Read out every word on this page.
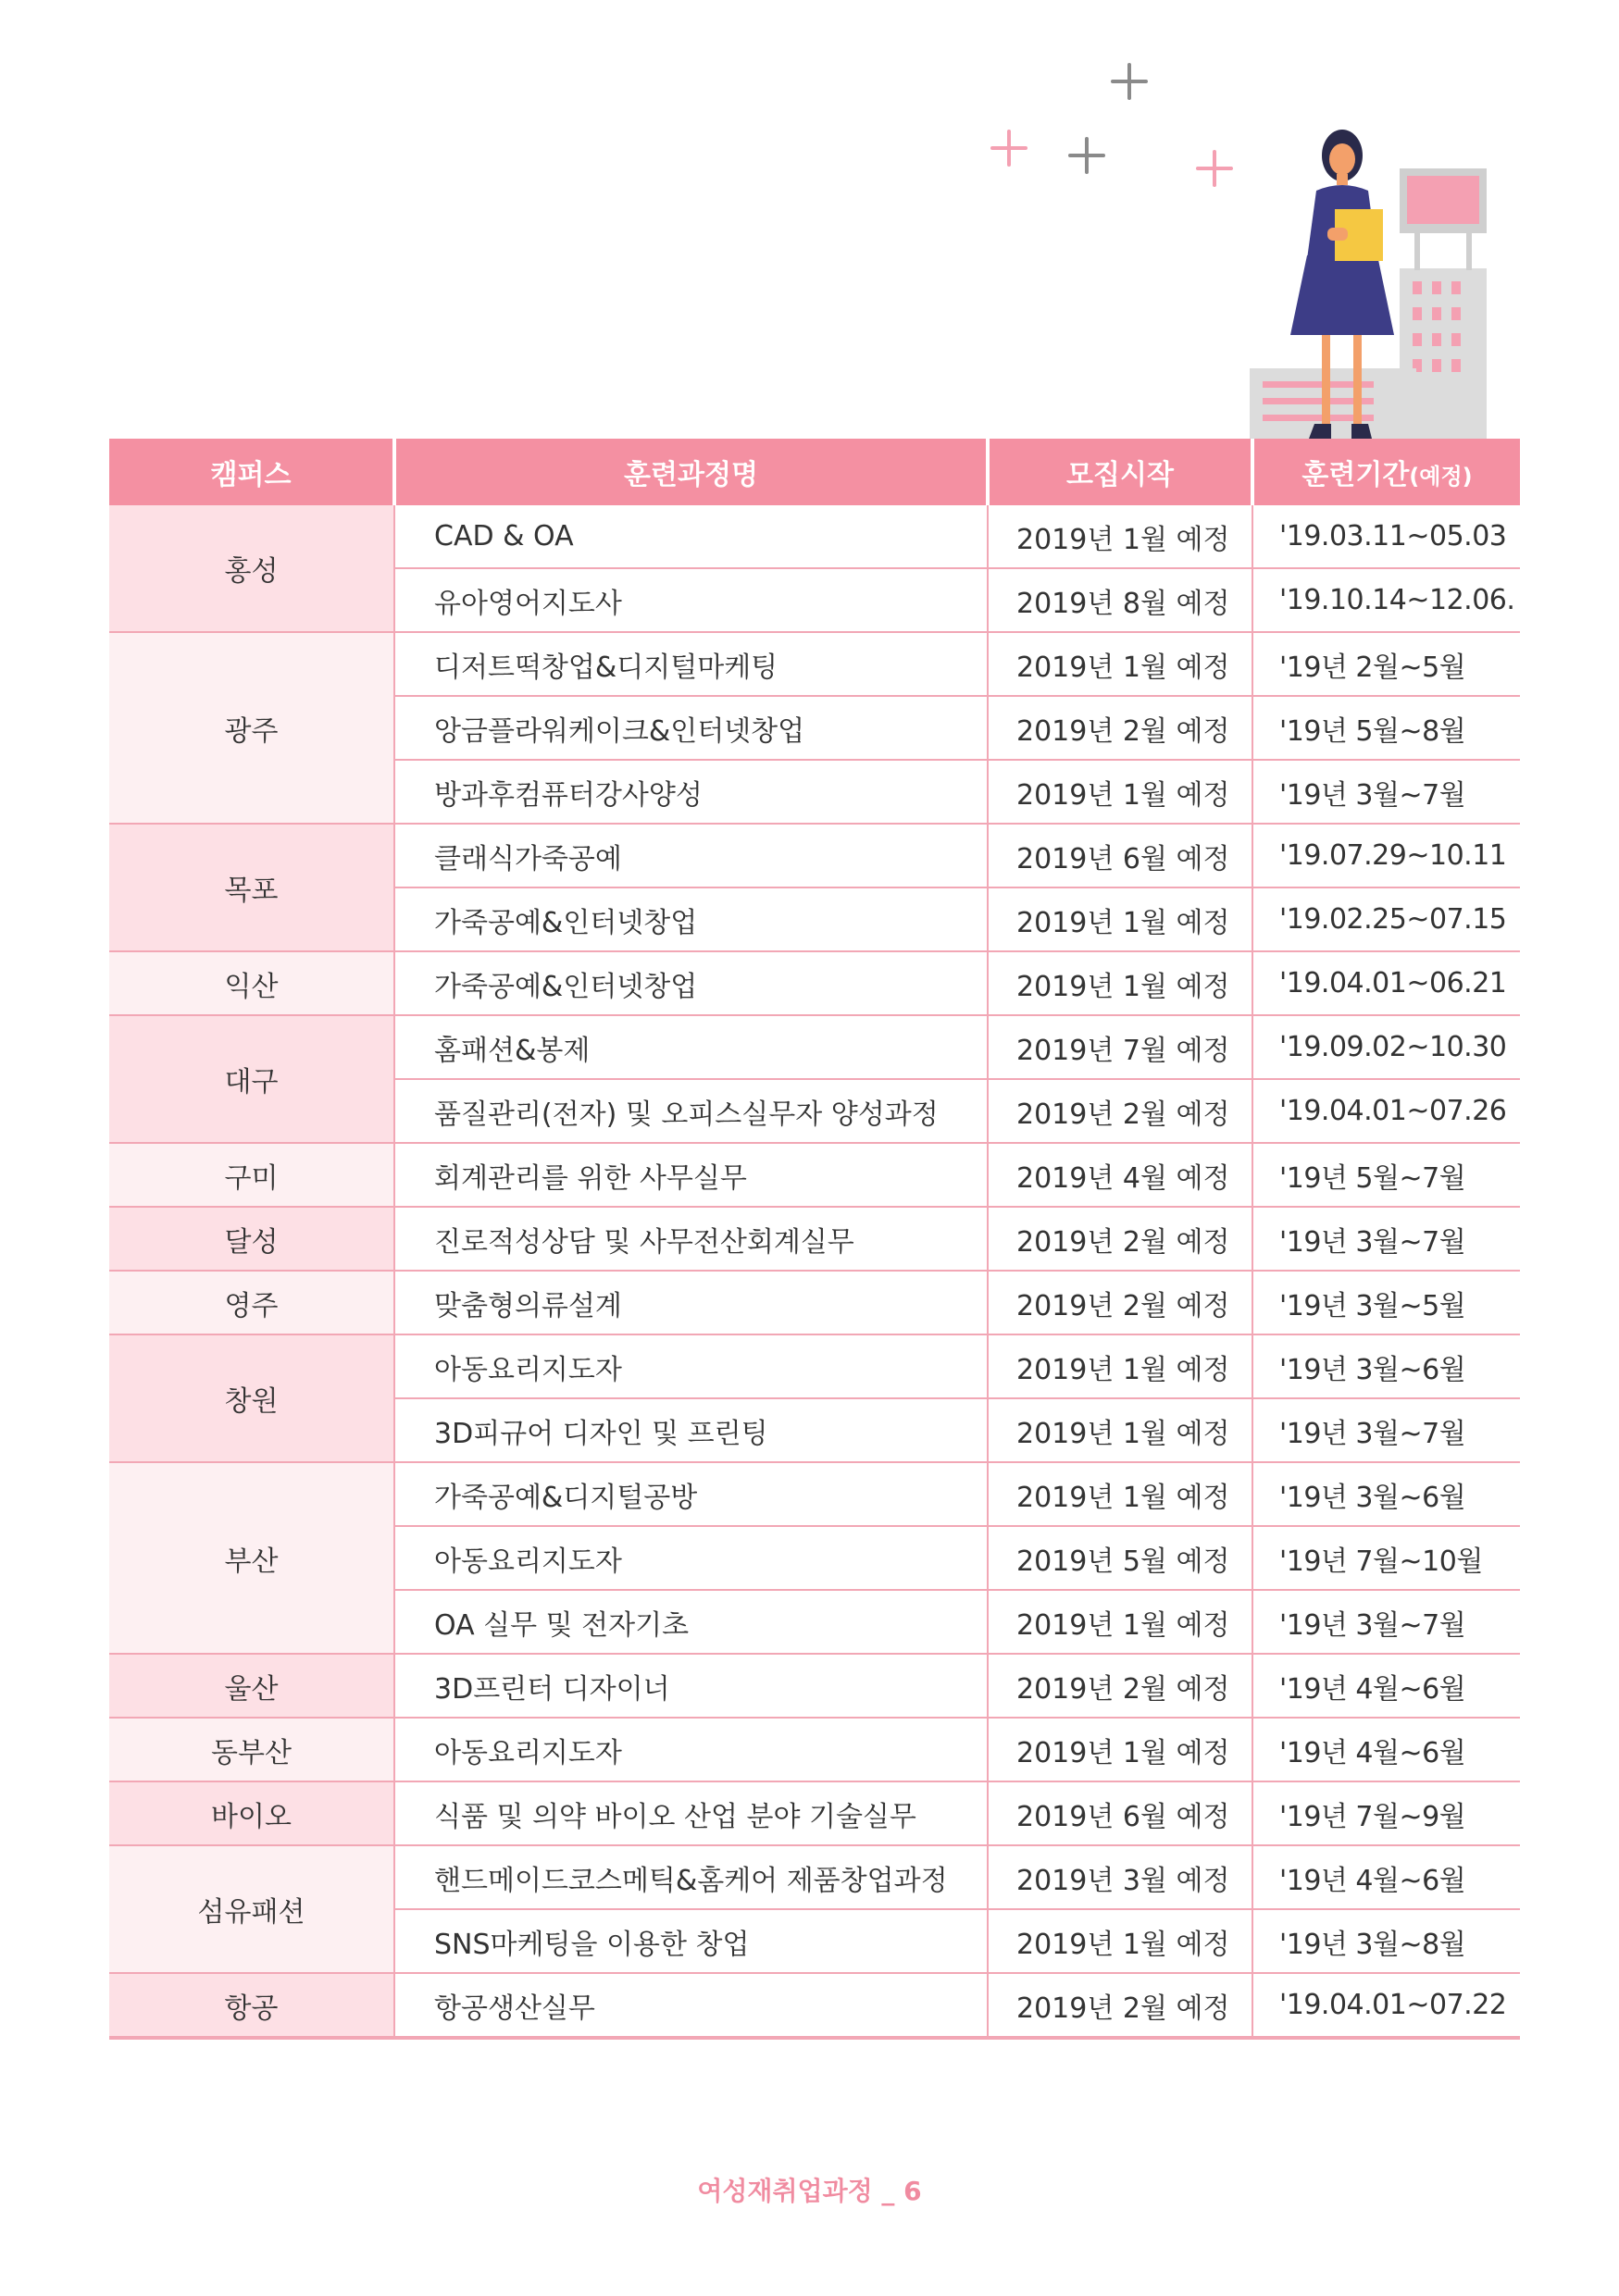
캠퍼스	훈련과정명	모집시작	훈련기간(예정)
홍성	CAD & OA	2019년 1월 예정	'19.03.11~05.03
	유아영어지도사	2019년 8월 예정	'19.10.14~12.06.
광주	디저트떡창업&디지털마케팅	2019년 1월 예정	'19년 2월~5월
	앙금플라워케이크&인터넷창업	2019년 2월 예정	'19년 5월~8월
	방과후컴퓨터강사양성	2019년 1월 예정	'19년 3월~7월
목포	클래식가죽공예	2019년 6월 예정	'19.07.29~10.11
	가죽공예&인터넷창업	2019년 1월 예정	'19.02.25~07.15
익산	가죽공예&인터넷창업	2019년 1월 예정	'19.04.01~06.21
대구	홈패션&봉제	2019년 7월 예정	'19.09.02~10.30
	품질관리(전자) 및 오피스실무자 양성과정	2019년 2월 예정	'19.04.01~07.26
구미	회계관리를 위한 사무실무	2019년 4월 예정	'19년 5월~7월
달성	진로적성상담 및 사무전산회계실무	2019년 2월 예정	'19년 3월~7월
영주	맞춤형의류설계	2019년 2월 예정	'19년 3월~5월
창원	아동요리지도자	2019년 1월 예정	'19년 3월~6월
	3D피규어 디자인 및 프린팅	2019년 1월 예정	'19년 3월~7월
부산	가죽공예&디지털공방	2019년 1월 예정	'19년 3월~6월
	아동요리지도자	2019년 5월 예정	'19년 7월~10월
	OA 실무 및 전자기초	2019년 1월 예정	'19년 3월~7월
울산	3D프린터 디자이너	2019년 2월 예정	'19년 4월~6월
동부산	아동요리지도자	2019년 1월 예정	'19년 4월~6월
바이오	식품 및 의약 바이오 산업 분야 기술실무	2019년 6월 예정	'19년 7월~9월
섬유패션	핸드메이드코스메틱&홈케어 제품창업과정	2019년 3월 예정	'19년 4월~6월
	SNS마케팅을 이용한 창업	2019년 1월 예정	'19년 3월~8월
항공	항공생산실무	2019년 2월 예정	'19.04.01~07.22
여성재취업과정 _ 6
